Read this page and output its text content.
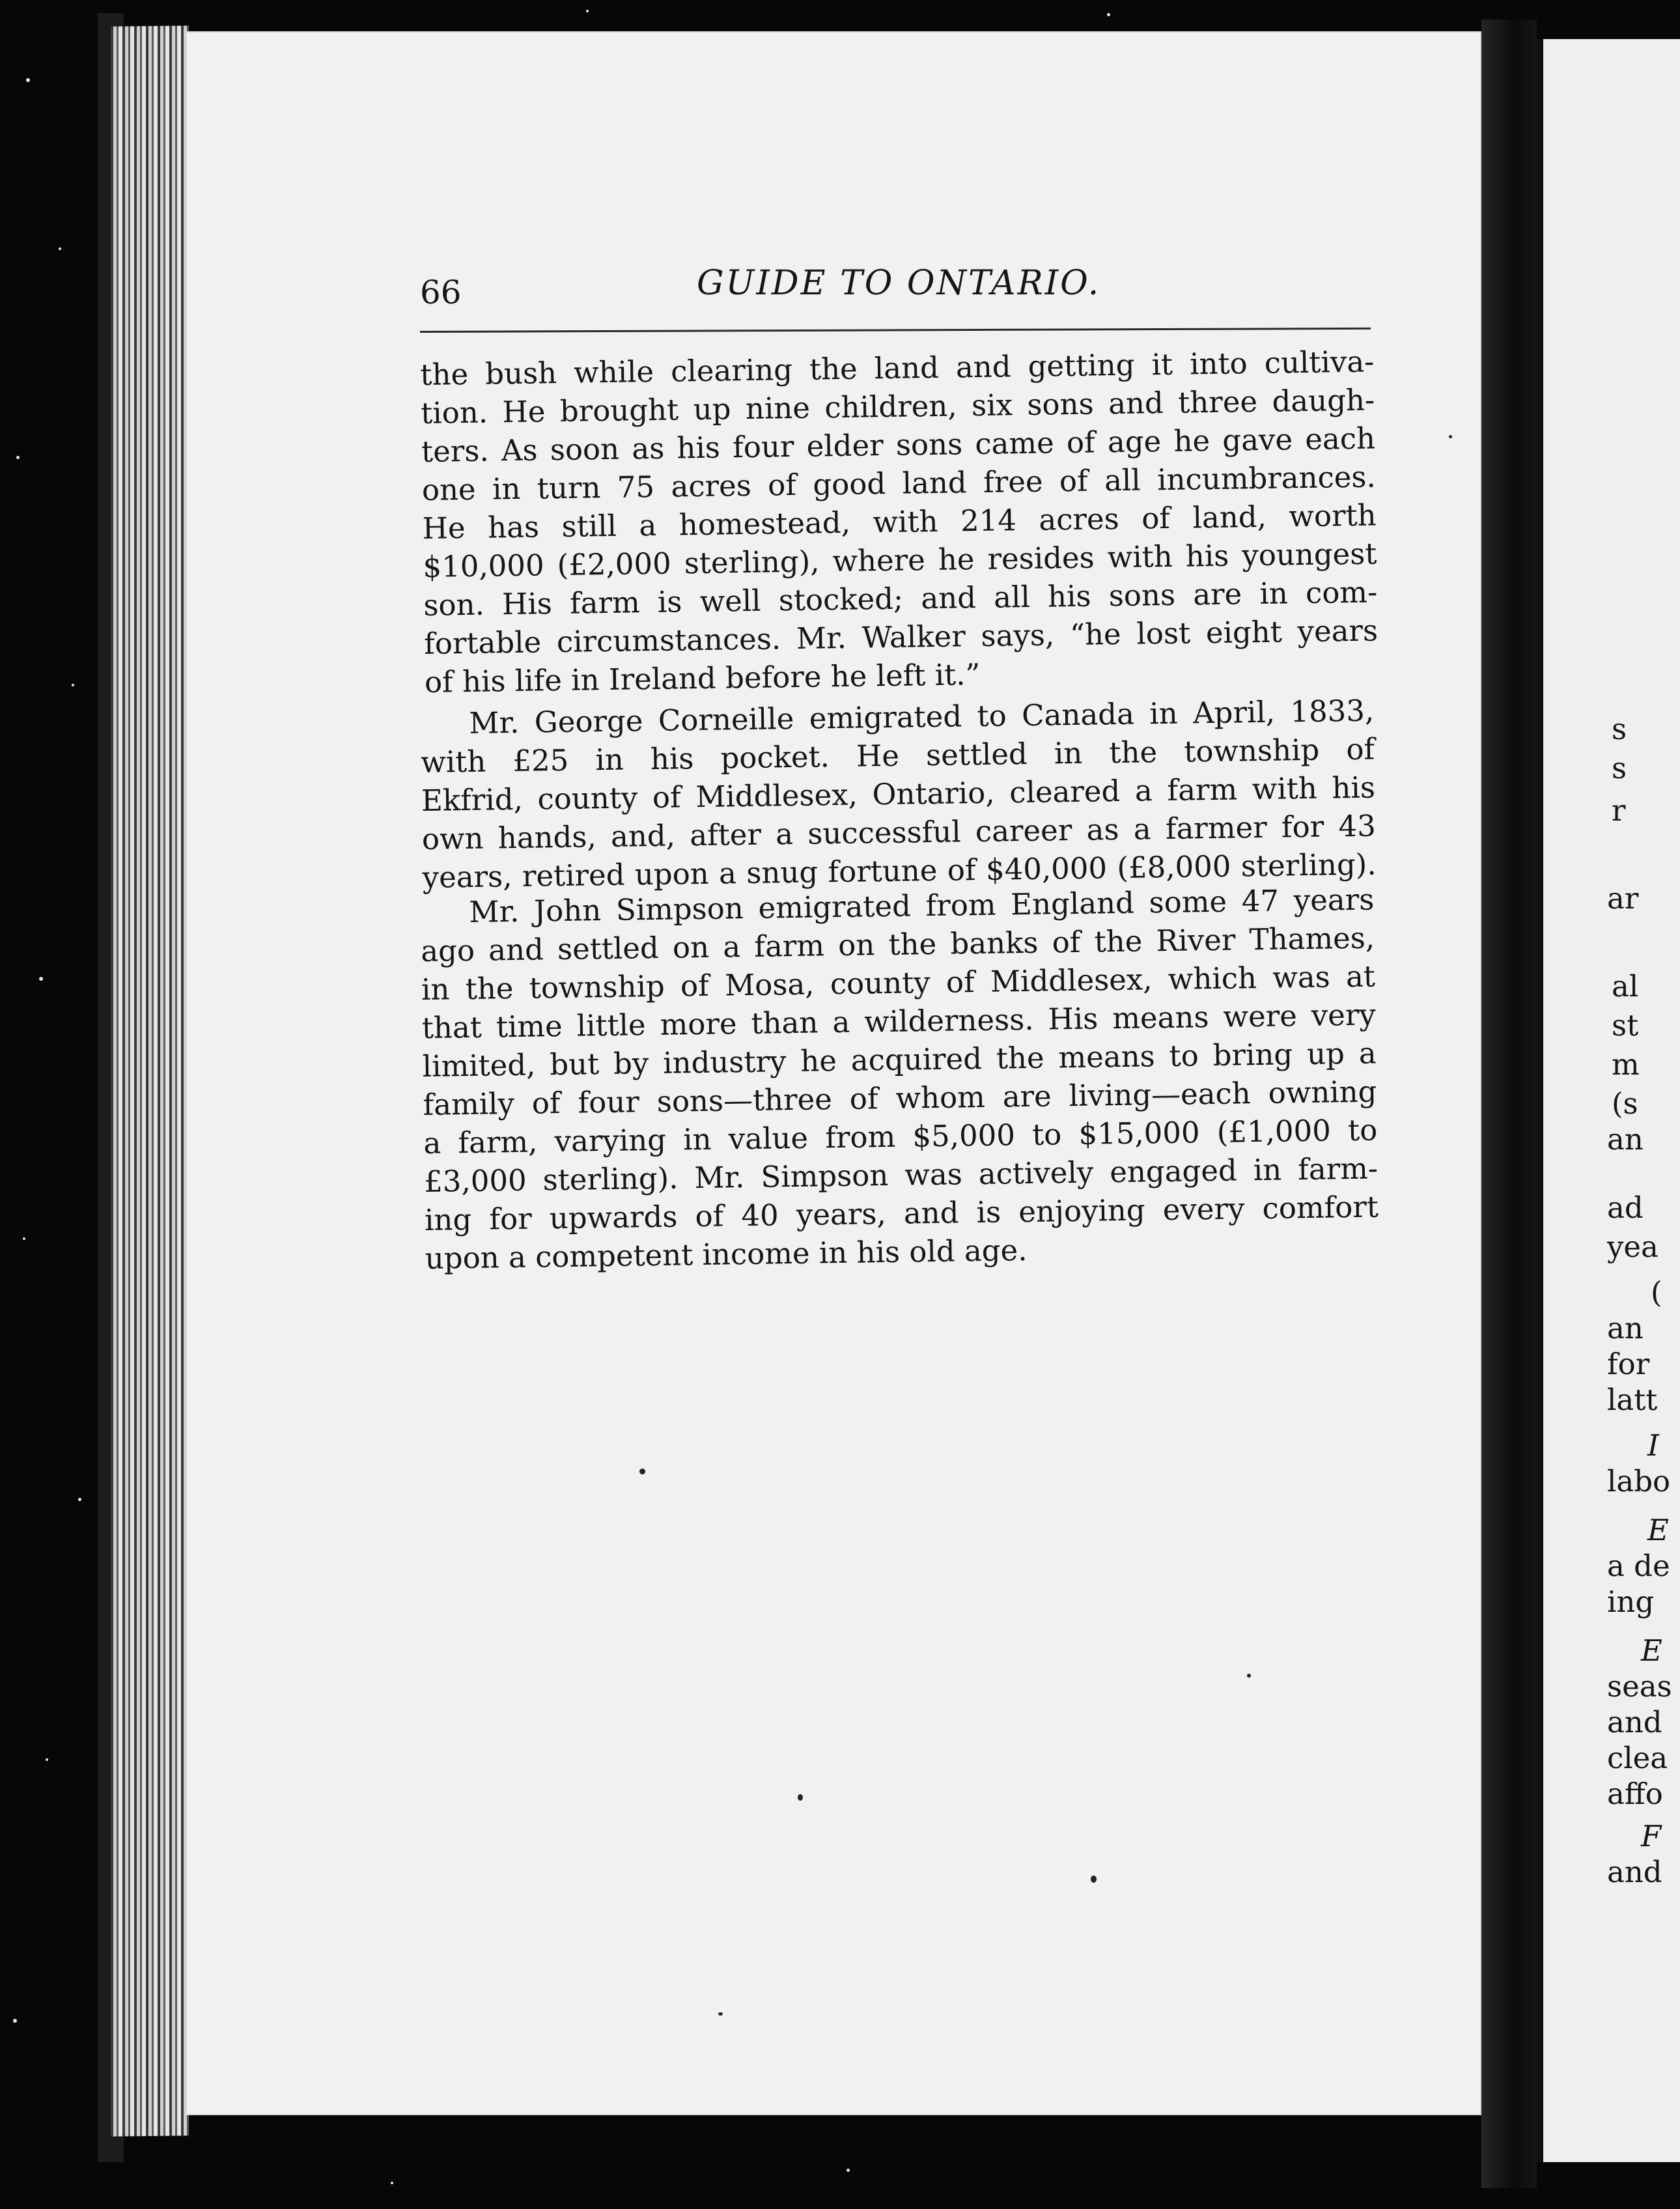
66	GUIDE TO ONTARIO.
the bush while clearing the land and getting it into cultiva-
tion. He brought up nine children, six sons and three daugh-
ters. As soon as his four elder sons came of age he gave each
one in turn 75 acres of good land free of all incumbrances.
He has still a homestead, with 214 acres of land, worth
$10,000 (£2,000 sterling), where he resides with his youngest
son. His farm is well stocked; and all his sons are in com-
fortable circumstances. Mr. Walker says, “he lost eight years
of his life in Ireland before he left it.”
Mr. George Corneille emigrated to Canada in April, 1833,
with £25 in his pocket. He settled in the township of
Ekfrid, county of Middlesex, Ontario, cleared a farm with his
own hands, and, after a successful career as a farmer for 43
years, retired upon a snug fortune of $40,000 (£8,000 sterling).
Mr. John Simpson emigrated from England some 47 years
ago and settled on a farm on the banks of the River Thames,
in the township of Mosa, county of Middlesex, which was at
that time little more than a wilderness. His means were very
limited, but by industry he acquired the means to bring up a
family of four sons—three of whom are living—each owning
a farm, varying in value from $5,000 to $15,000 (£1,000 to
£3,000 sterling). Mr. Simpson was actively engaged in farm-
ing for upwards of 40 years, and is enjoying every comfort
upon a competent income in his old age.
s
s
r
ar
al
st
m
(s
an
ad
yea
(
an
for
latt
I
labo
E
a de
ing
E
seas
and
clea
affo
F
and
